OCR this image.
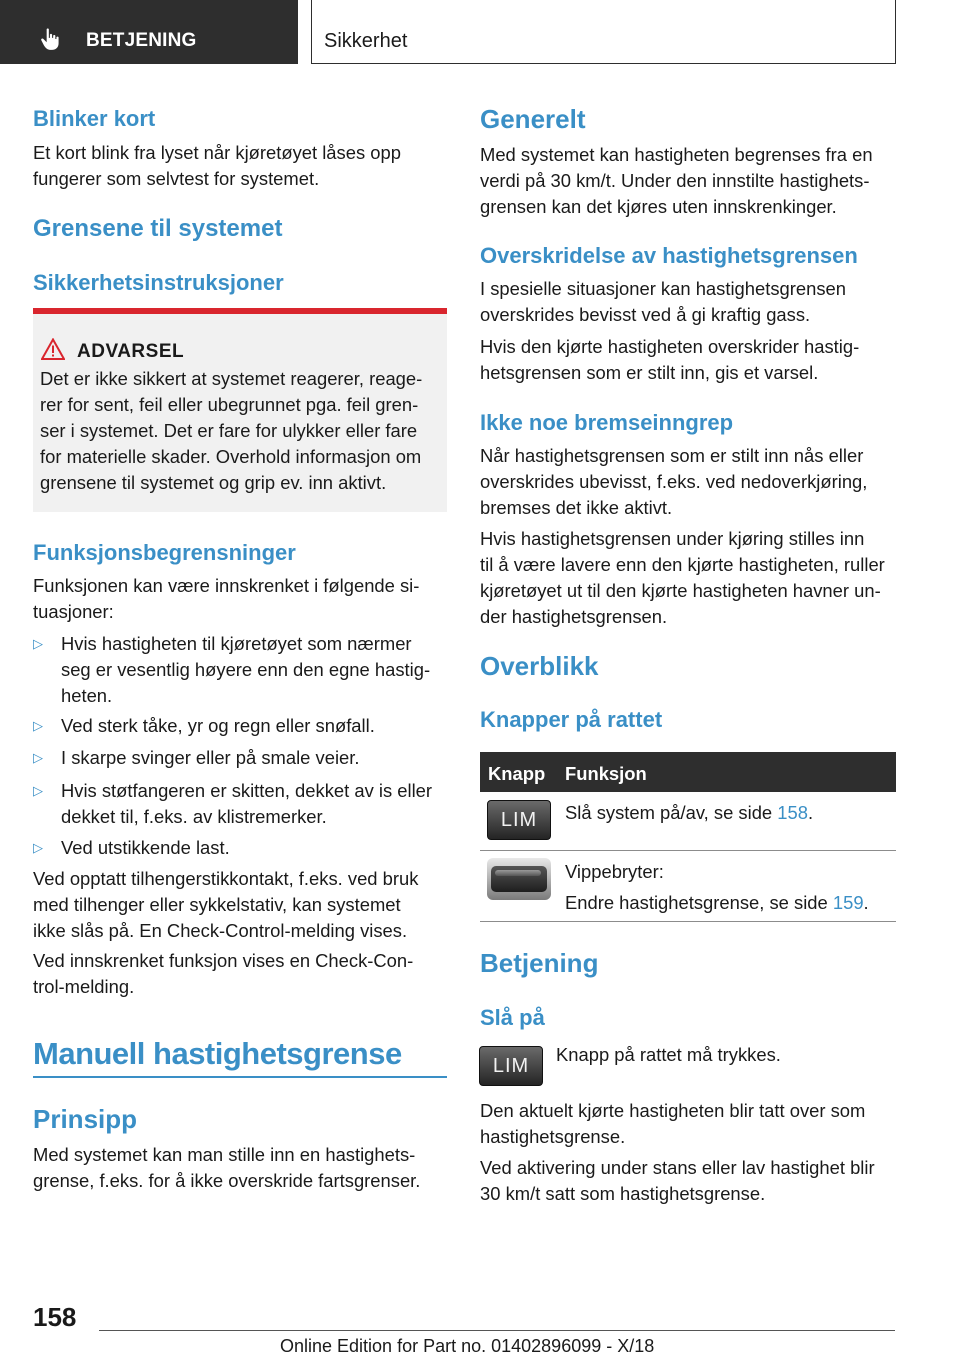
BETJENING	Sikkerhet
Blinker kort
Et kort blink fra lyset når kjøretøyet låses opp
fungerer som selvtest for systemet.
Grensene til systemet
Sikkerhetsinstruksjoner
ADVARSEL
Det er ikke sikkert at systemet reagerer, reage-
rer for sent, feil eller ubegrunnet pga. feil gren-
ser i systemet. Det er fare for ulykker eller fare
for materielle skader. Overhold informasjon om
grensene til systemet og grip ev. inn aktivt.
Funksjonsbegrensninger
Funksjonen kan være innskrenket i følgende si-
tuasjoner:
▷ Hvis hastigheten til kjøretøyet som nærmer
seg er vesentlig høyere enn den egne hastig-
heten.
▷ Ved sterk tåke, yr og regn eller snøfall.
▷ I skarpe svinger eller på smale veier.
▷ Hvis støtfangeren er skitten, dekket av is eller
dekket til, f.eks. av klistremerker.
▷ Ved utstikkende last.
Ved opptatt tilhengerstikkontakt, f.eks. ved bruk
med tilhenger eller sykkelstativ, kan systemet
ikke slås på. En Check-Control-melding vises.
Ved innskrenket funksjon vises en Check-Con-
trol-melding.
Manuell hastighetsgrense
Prinsipp
Med systemet kan man stille inn en hastighets-
grense, f.eks. for å ikke overskride fartsgrenser.
Generelt
Med systemet kan hastigheten begrenses fra en
verdi på 30 km/t. Under den innstilte hastighets-
grensen kan det kjøres uten innskrenkinger.
Overskridelse av hastighetsgrensen
I spesielle situasjoner kan hastighetsgrensen
overskrides bevisst ved å gi kraftig gass.
Hvis den kjørte hastigheten overskrider hastig-
hetsgrensen som er stilt inn, gis et varsel.
Ikke noe bremseinngrep
Når hastighetsgrensen som er stilt inn nås eller
overskrides ubevisst, f.eks. ved nedoverkjøring,
bremses det ikke aktivt.
Hvis hastighetsgrensen under kjøring stilles inn
til å være lavere enn den kjørte hastigheten, ruller
kjøretøyet ut til den kjørte hastigheten havner un-
der hastighetsgrensen.
Overblikk
Knapper på rattet
Knapp Funksjon
LIM	Slå system på/av, se side 158.
Vippebryter:
Endre hastighetsgrense, se side 159.
Betjening
Slå på
LIM	Knapp på rattet må trykkes.
Den aktuelt kjørte hastigheten blir tatt over som
hastighetsgrense.
Ved aktivering under stans eller lav hastighet blir
30 km/t satt som hastighetsgrense.
158
Online Edition for Part no. 01402896099 - X/18
